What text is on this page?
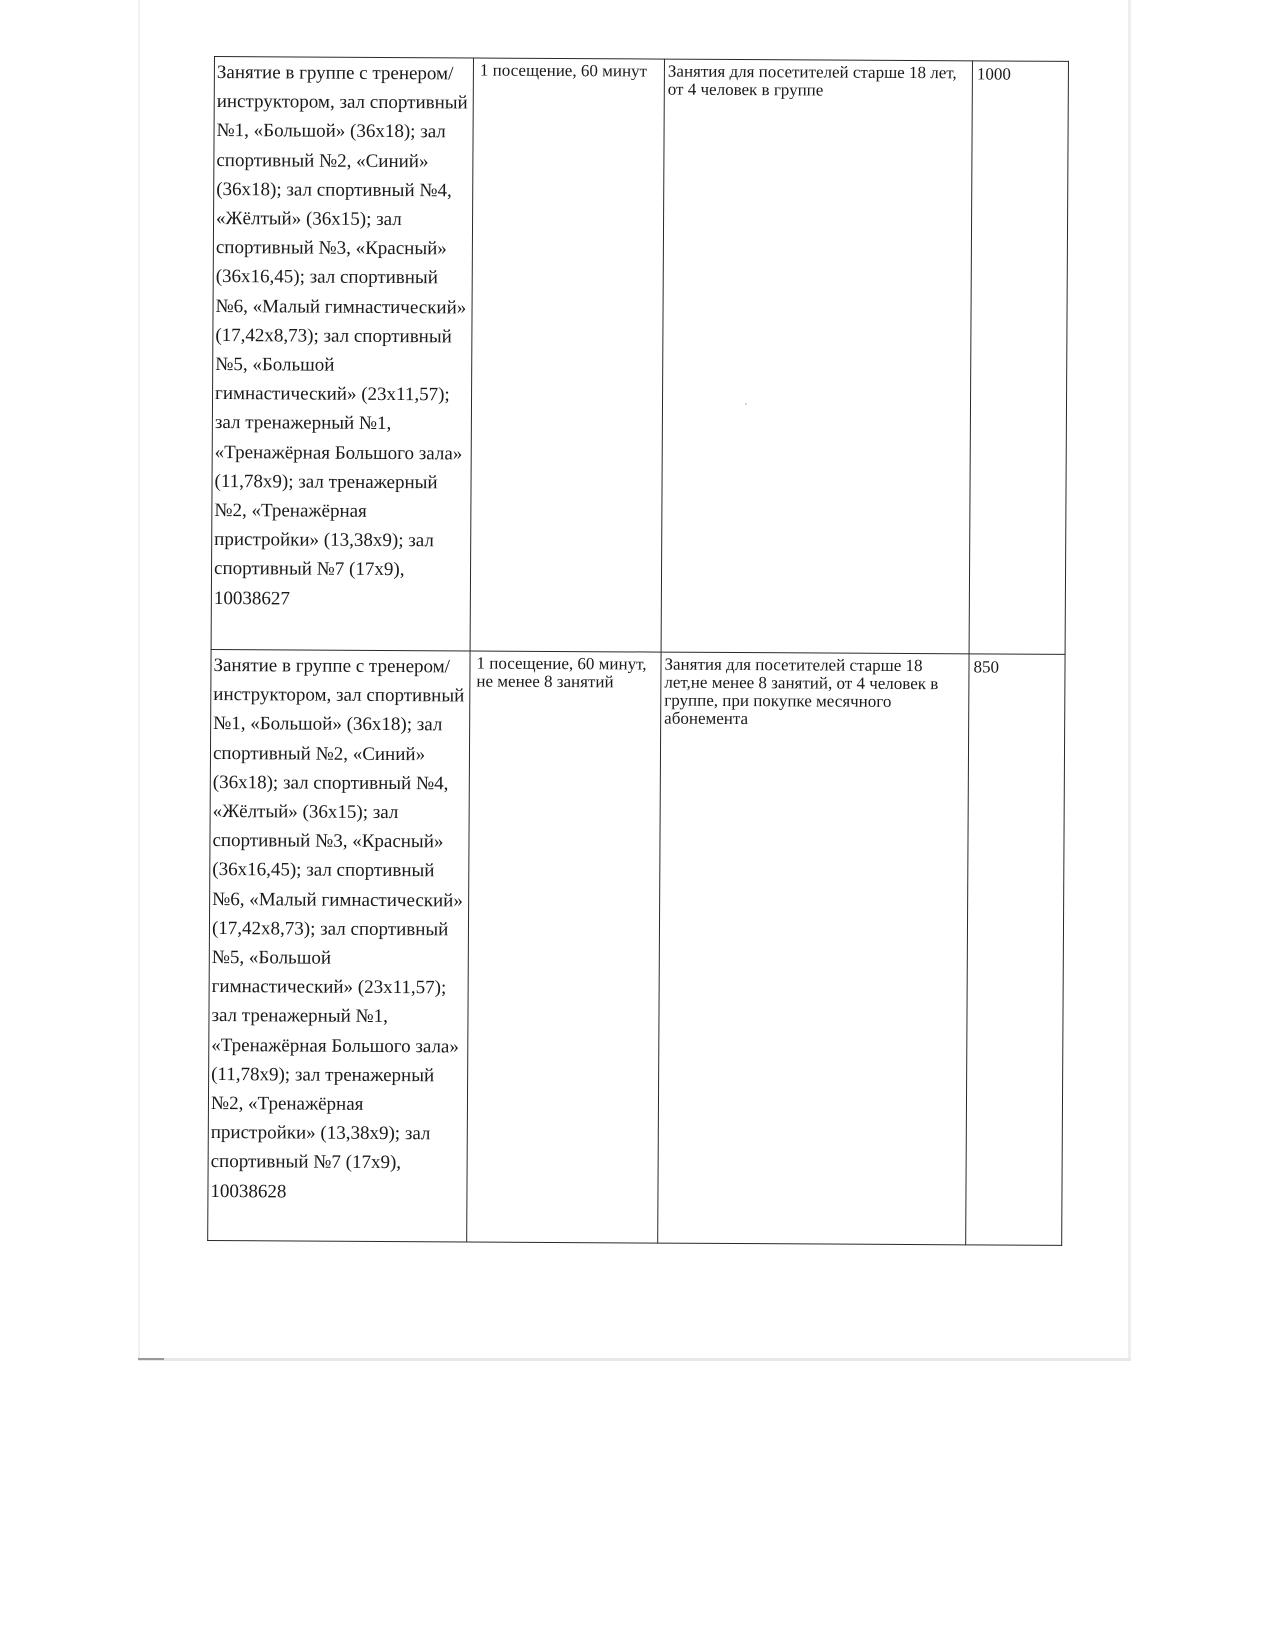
Занятие в группе с тренером/инструктором, зал спортивный №1, «Большой» (36х18); зал спортивный №2, «Синий» (36х18); зал спортивный №4, «Жёлтый» (36х15); зал спортивный №3, «Красный» (36х16,45); зал спортивный №6, «Малый гимнастический» (17,42х8,73); зал спортивный №5, «Большой гимнастический» (23х11,57); зал тренажерный №1, «Тренажёрная Большого зала» (11,78х9); зал тренажерный №2, «Тренажёрная пристройки» (13,38х9); зал спортивный №7 (17х9), 10038627	1 посещение, 60 минут	Занятия для посетителей старше 18 лет, от 4 человек в группе	1000

Занятие в группе с тренером/инструктором, зал спортивный №1, «Большой» (36х18); зал спортивный №2, «Синий» (36х18); зал спортивный №4, «Жёлтый» (36х15); зал спортивный №3, «Красный» (36х16,45); зал спортивный №6, «Малый гимнастический» (17,42х8,73); зал спортивный №5, «Большой гимнастический» (23х11,57); зал тренажерный №1, «Тренажёрная Большого зала» (11,78х9); зал тренажерный №2, «Тренажёрная пристройки» (13,38х9); зал спортивный №7 (17х9), 10038628	1 посещение, 60 минут, не менее 8 занятий	Занятия для посетителей старше 18 лет,не менее 8 занятий, от 4 человек в группе, при покупке месячного абонемента	850
